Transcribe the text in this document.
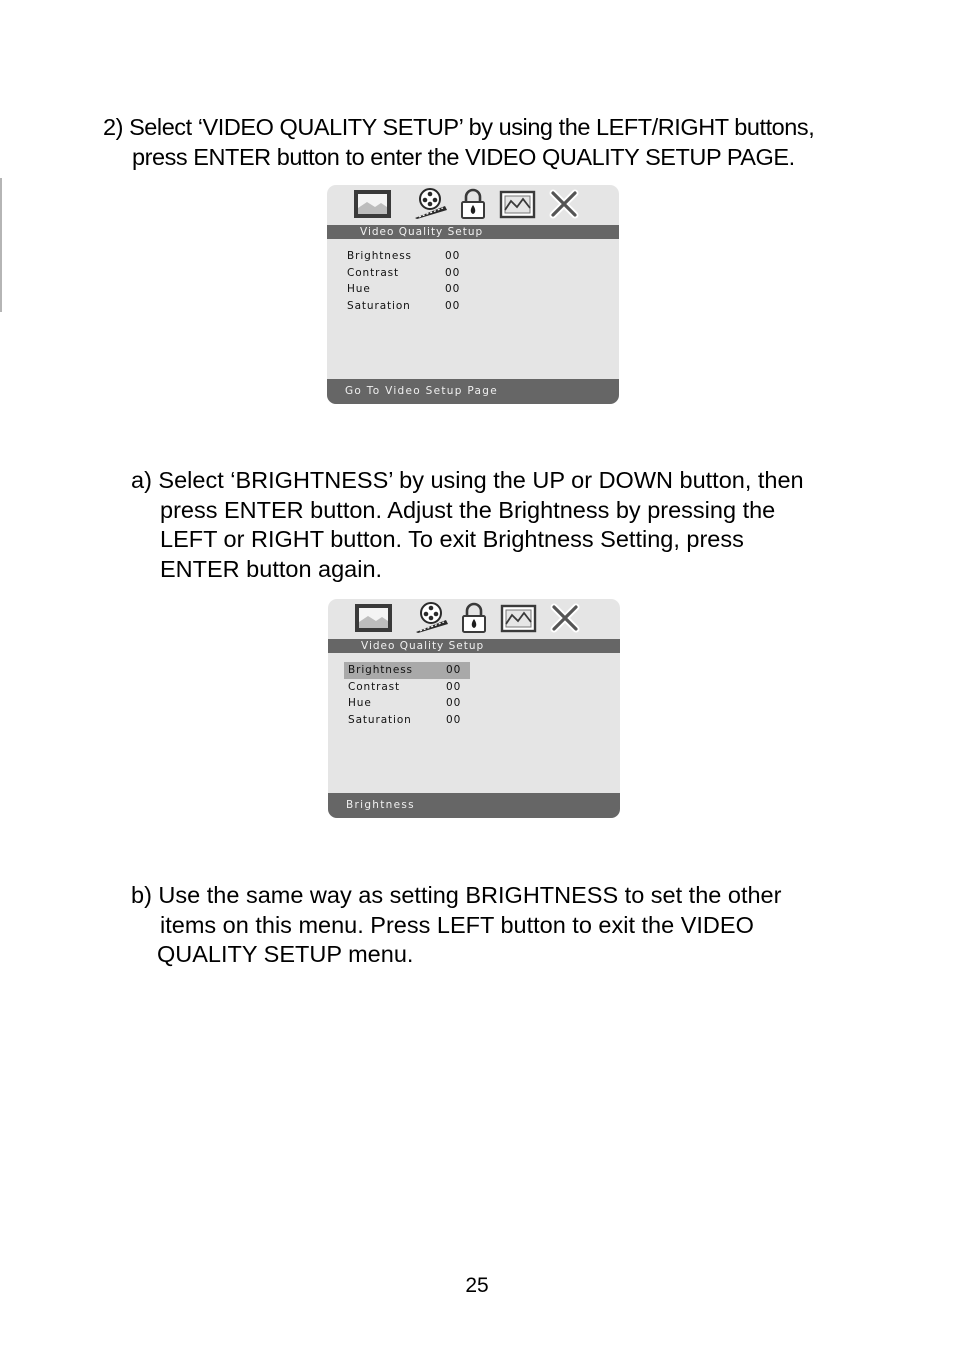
2) Select ‘VIDEO QUALITY SETUP’ by using the LEFT/RIGHT buttons,
press ENTER button to enter the VIDEO QUALITY SETUP PAGE.

Video Quality Setup
Brightness	00
Contrast	00
Hue	00
Saturation	00
Go To Video Setup Page

a) Select ‘BRIGHTNESS’ by using the UP or DOWN button, then
press ENTER button. Adjust the Brightness by pressing the
LEFT or RIGHT button. To exit Brightness Setting, press
ENTER button again.

Video Quality Setup
Brightness	00
Contrast	00
Hue	00
Saturation	00
Brightness

b) Use the same way as setting BRIGHTNESS to set the other
items on this menu. Press LEFT button to exit the VIDEO
QUALITY SETUP menu.

25
